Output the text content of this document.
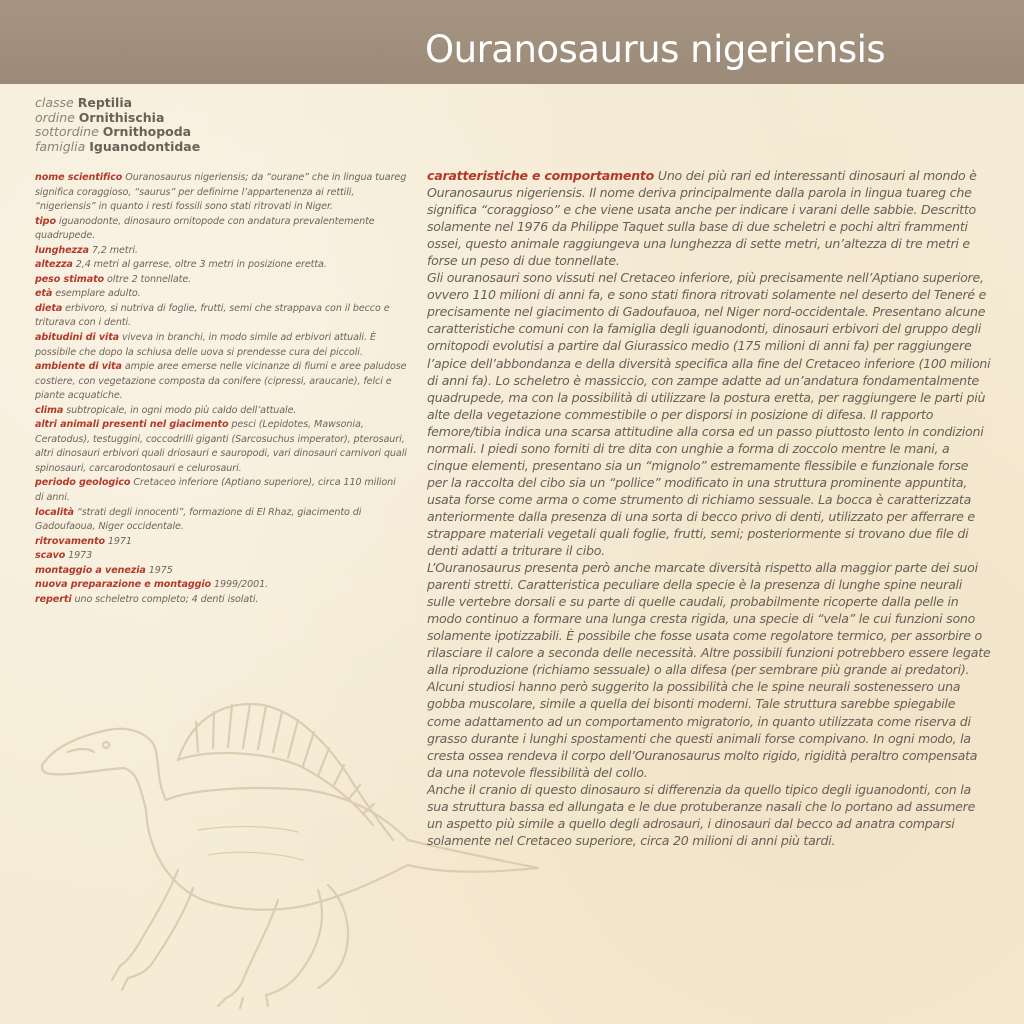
Ouranosaurus nigeriensis
classe Reptilia
ordine Ornithischia
sottordine Ornithopoda
famiglia Iguanodontidae
nome scientifico Ouranosaurus nigeriensis; da “ourane” che in lingua tuareg significa coraggioso, “saurus” per definirne l’appartenenza ai rettili, “nigeriensis” in quanto i resti fossili sono stati ritrovati in Niger.
tipo iguanodonte, dinosauro ornitopode con andatura prevalentemente quadrupede.
lunghezza 7,2 metri.
altezza 2,4 metri al garrese, oltre 3 metri in posizione eretta.
peso stimato oltre 2 tonnellate.
età esemplare adulto.
dieta erbivoro, si nutriva di foglie, frutti, semi che strappava con il becco e triturava con i denti.
abitudini di vita viveva in branchi, in modo simile ad erbivori attuali. È possibile che dopo la schiusa delle uova si prendesse cura dei piccoli.
ambiente di vita ampie aree emerse nelle vicinanze di fiumi e aree paludose costiere, con vegetazione composta da conifere (cipressi, araucarie), felci e piante acquatiche.
clima subtropicale, in ogni modo più caldo dell’attuale.
altri animali presenti nel giacimento pesci (Lepidotes, Mawsonia, Ceratodus), testuggini, coccodrilli giganti (Sarcosuchus imperator), pterosauri, altri dinosauri erbivori quali driosauri e sauropodi, vari dinosauri carnivori quali spinosauri, carcarodontosauri e celurosauri.
periodo geologico Cretaceo inferiore (Aptiano superiore), circa 110 milioni di anni.
località “strati degli innocenti”, formazione di El Rhaz, giacimento di Gadoufaoua, Niger occidentale.
ritrovamento 1971
scavo 1973
montaggio a venezia 1975
nuova preparazione e montaggio 1999/2001.
reperti uno scheletro completo; 4 denti isolati.
caratteristiche e comportamento Uno dei più rari ed interessanti dinosauri al mondo è Ouranosaurus nigeriensis. Il nome deriva principalmente dalla parola in lingua tuareg che significa “coraggioso” e che viene usata anche per indicare i varani delle sabbie. Descritto solamente nel 1976 da Philippe Taquet sulla base di due scheletri e pochi altri frammenti ossei, questo animale raggiungeva una lunghezza di sette metri, un’altezza di tre metri e forse un peso di due tonnellate.
Gli ouranosauri sono vissuti nel Cretaceo inferiore, più precisamente nell’Aptiano superiore, ovvero 110 milioni di anni fa, e sono stati finora ritrovati solamente nel deserto del Teneré e precisamente nel giacimento di Gadoufauoa, nel Niger nord-occidentale. Presentano alcune caratteristiche comuni con la famiglia degli iguanodonti, dinosauri erbivori del gruppo degli ornitopodi evolutisi a partire dal Giurassico medio (175 milioni di anni fa) per raggiungere l’apice dell’abbondanza e della diversità specifica alla fine del Cretaceo inferiore (100 milioni di anni fa). Lo scheletro è massiccio, con zampe adatte ad un’andatura fondamentalmente quadrupede, ma con la possibilità di utilizzare la postura eretta, per raggiungere le parti più alte della vegetazione commestibile o per disporsi in posizione di difesa. Il rapporto femore/tibia indica una scarsa attitudine alla corsa ed un passo piuttosto lento in condizioni normali. I piedi sono forniti di tre dita con unghie a forma di zoccolo mentre le mani, a cinque elementi, presentano sia un “mignolo” estremamente flessibile e funzionale forse per la raccolta del cibo sia un “pollice” modificato in una struttura prominente appuntita, usata forse come arma o come strumento di richiamo sessuale. La bocca è caratterizzata anteriormente dalla presenza di una sorta di becco privo di denti, utilizzato per afferrare e strappare materiali vegetali quali foglie, frutti, semi; posteriormente si trovano due file di denti adatti a triturare il cibo.
L’Ouranosaurus presenta però anche marcate diversità rispetto alla maggior parte dei suoi parenti stretti. Caratteristica peculiare della specie è la presenza di lunghe spine neurali sulle vertebre dorsali e su parte di quelle caudali, probabilmente ricoperte dalla pelle in modo continuo a formare una lunga cresta rigida, una specie di “vela” le cui funzioni sono solamente ipotizzabili. È possibile che fosse usata come regolatore termico, per assorbire o rilasciare il calore a seconda delle necessità. Altre possibili funzioni potrebbero essere legate alla riproduzione (richiamo sessuale) o alla difesa (per sembrare più grande ai predatori).
Alcuni studiosi hanno però suggerito la possibilità che le spine neurali sostenessero una gobba muscolare, simile a quella dei bisonti moderni. Tale struttura sarebbe spiegabile come adattamento ad un comportamento migratorio, in quanto utilizzata come riserva di grasso durante i lunghi spostamenti che questi animali forse compivano. In ogni modo, la cresta ossea rendeva il corpo dell’Ouranosaurus molto rigido, rigidità peraltro compensata da una notevole flessibilità del collo.
Anche il cranio di questo dinosauro si differenzia da quello tipico degli iguanodonti, con la sua struttura bassa ed allungata e le due protuberanze nasali che lo portano ad assumere un aspetto più simile a quello degli adrosauri, i dinosauri dal becco ad anatra comparsi solamente nel Cretaceo superiore, circa 20 milioni di anni più tardi.
